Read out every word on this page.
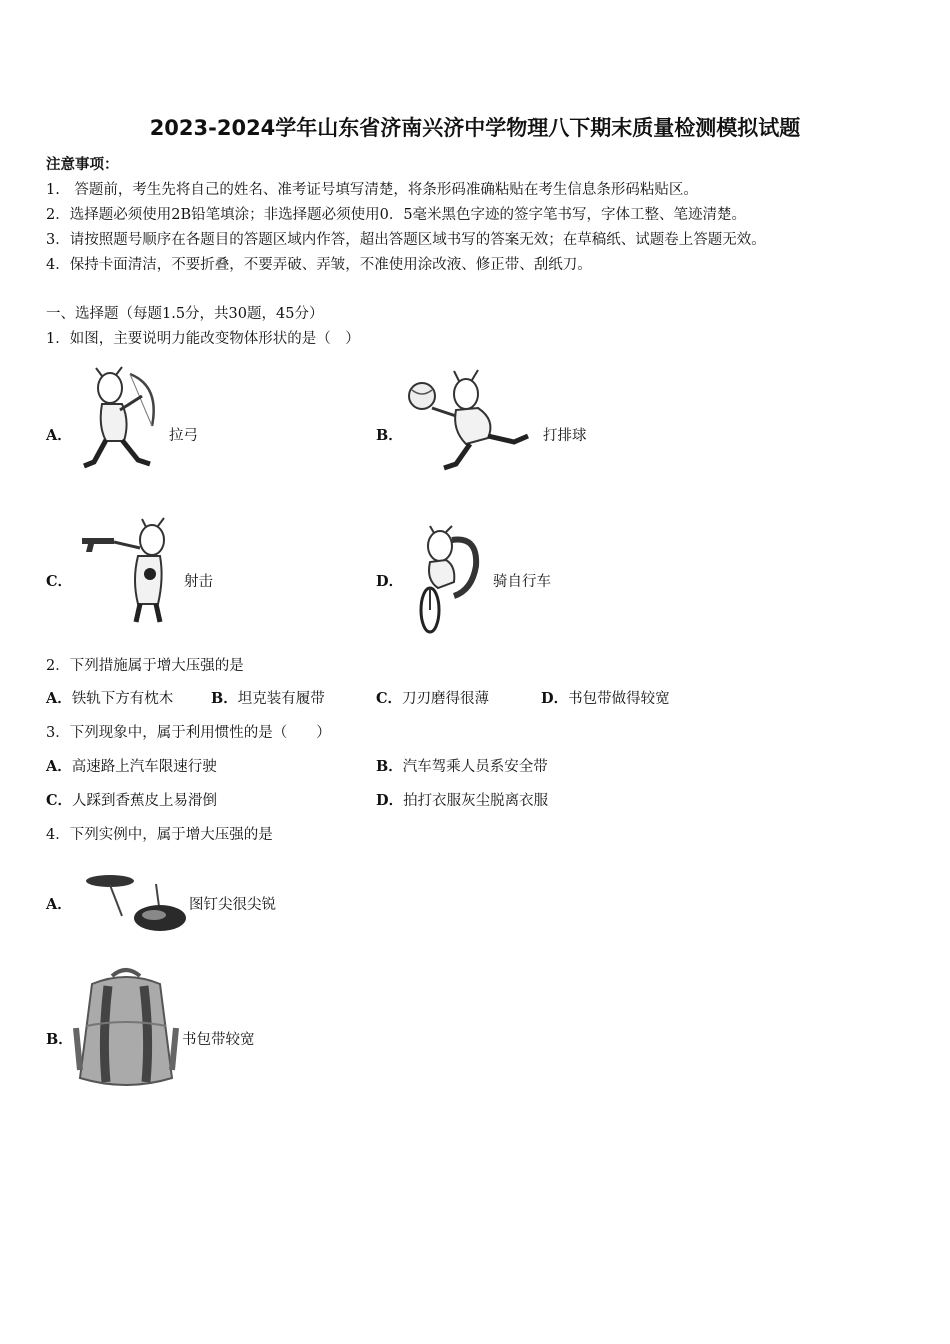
2023-2024学年山东省济南兴济中学物理八下期末质量检测模拟试题
注意事项：
1.　答题前，考生先将自己的姓名、准考证号填写清楚，将条形码准确粘贴在考生信息条形码粘贴区。
2．选择题必须使用2B铅笔填涂；非选择题必须使用0．5毫米黑色字迹的签字笔书写，字体工整、笔迹清楚。
3．请按照题号顺序在各题目的答题区域内作答，超出答题区域书写的答案无效；在草稿纸、试题卷上答题无效。
4．保持卡面清洁，不要折叠，不要弄破、弄皱，不准使用涂改液、修正带、刮纸刀。
一、选择题（每题1.5分，共30题，45分）
1．如图，主要说明力能改变物体形状的是（　）
A．	拉弓	B．	打排球
C．	射击	D．	骑自行车
2．下列措施属于增大压强的是
A．铁轨下方有枕木	B．坦克装有履带	C．刀刃磨得很薄	D．书包带做得较宽
3．下列现象中，属于利用惯性的是（　　）
A．高速路上汽车限速行驶	B．汽车驾乘人员系安全带
C．人踩到香蕉皮上易滑倒	D．拍打衣服灰尘脱离衣服
4．下列实例中，属于增大压强的是
A．	图钉尖很尖锐
B．	书包带较宽
